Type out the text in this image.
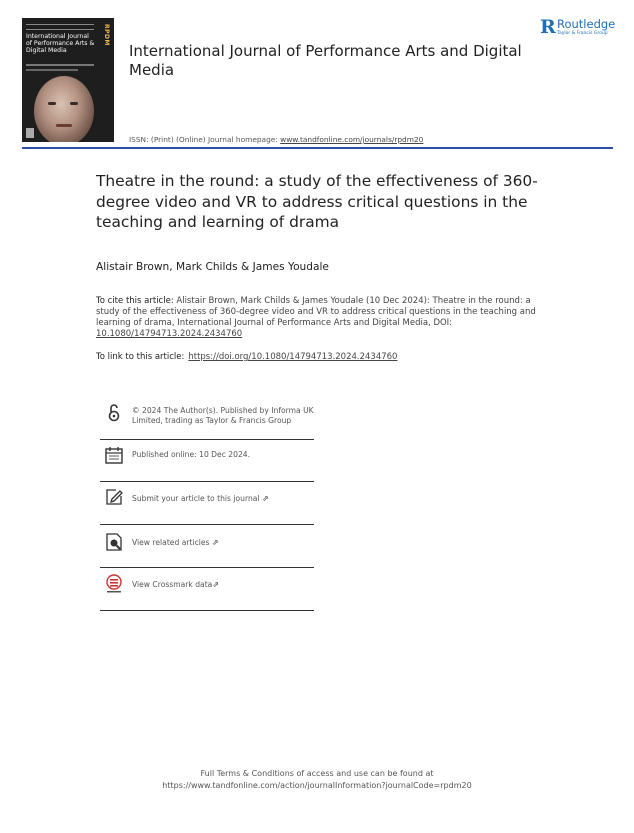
RPDM
International Journal of Performance Arts & Digital Media	International Journal of Performance Arts and Digital Media
R Routledge
Taylor & Francis Group
ISSN: (Print) (Online) Journal homepage: www.tandfonline.com/journals/rpdm20
Theatre in the round: a study of the effectiveness of 360-degree video and VR to address critical questions in the teaching and learning of drama
Alistair Brown, Mark Childs & James Youdale
To cite this article: Alistair Brown, Mark Childs & James Youdale (10 Dec 2024): Theatre in the round: a study of the effectiveness of 360-degree video and VR to address critical questions in the teaching and learning of drama, International Journal of Performance Arts and Digital Media, DOI: 10.1080/14794713.2024.2434760
To link to this article: https://doi.org/10.1080/14794713.2024.2434760
© 2024 The Author(s). Published by Informa UK Limited, trading as Taylor & Francis Group
Published online: 10 Dec 2024.
Submit your article to this journal ⇗
View related articles ⇗
View Crossmark data⇗
Full Terms & Conditions of access and use can be found at
https://www.tandfonline.com/action/journalInformation?journalCode=rpdm20
